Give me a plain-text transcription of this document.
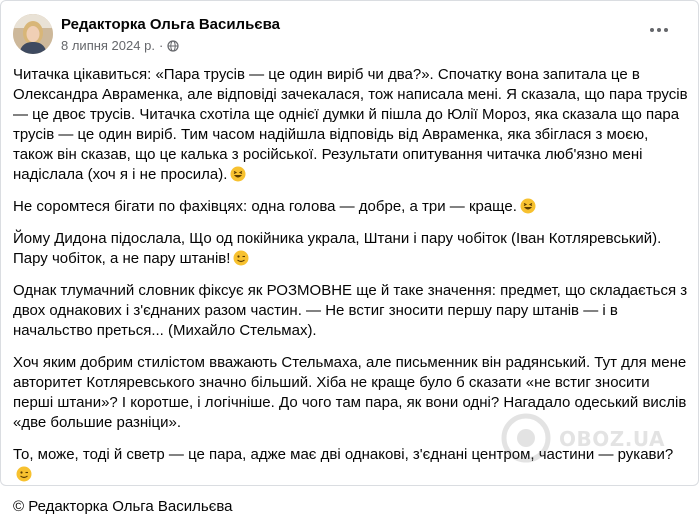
Редакторка Ольга Васильєва
8 липня 2024 р. ·

Читачка цікавиться: «Пара трусів — це один виріб чи два?». Спочатку вона запитала це в Олександра Авраменка, але відповіді зачекалася, тож написала мені. Я сказала, що пара трусів — це двоє трусів. Читачка схотіла ще однієї думки й пішла до Юлії Мороз, яка сказала що пара трусів — це один виріб. Тим часом надійшла відповідь від Авраменка, яка збіглася з моєю, також він сказав, що це калька з російської. Результати опитування читачка люб'язно мені надіслала (хоч я і не просила).

Не соромтеся бігати по фахівцях: одна голова — добре, а три — краще.

Йому Дидона підослала, Що од покійника украла, Штани і пару чобіток (Іван Котляревський). Пару чобіток, а не пару штанів!

Однак тлумачний словник фіксує як РОЗМОВНЕ ще й таке значення: предмет, що складається з двох однакових і з'єднаних разом частин. — Не встиг зносити першу пару штанів — і в начальство преться... (Михайло Стельмах).

Хоч яким добрим стилістом вважають Стельмаха, але письменник він радянський. Тут для мене авторитет Котляревського значно більший. Хіба не краще було б сказати «не встиг зносити перші штани»? І коротше, і логічніше. До чого там пара, як вони одні? Нагадало одеський вислів «две большие разніци».

То, може, тоді й светр — це пара, адже має дві однакові, з'єднані центром, частини — рукави?

© Редакторка Ольга Васильєва

OBOZ.UA
